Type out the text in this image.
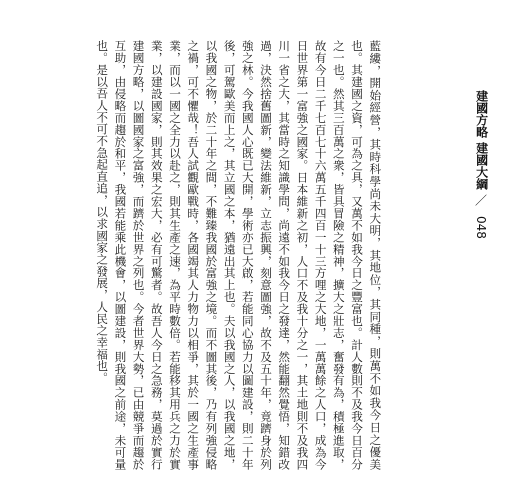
建國方略
建國大綱
／
048

藍縷，開始經營，其時科學尚未大明，其地位，其同種，則萬不如我今日之優美也。其建國之資，可為之具，又萬不如我今日之豐富也。計人數則不及我今日百分之一也。然其三百萬之衆，皆具冒險之精神，擴大之壯志，奮發有為，積極進取，故有今日二千七百七十六萬五千四百一十三方哩之大地，一萬萬餘之人口，成為今日世界第一富強之國家。日本維新之初，人口不及我十分之一，其土地則不及我四川一省之大，其當時之知識學問，尚遠不如我今日之發達，然能翻然覺悟，知錯改過，決然捨舊圖新，變法維新，立志振興，刻意圖強，故不及五十年，竟躋身於列強之林。今我國人心既已大開，學術亦已大啟，若能同心協力以圖建設，則二十年後，可駕歐美而上之，其立國之本，猶遠出其上也。夫以我國之人，以我國之地，以我國之物，於二十年之間，不難臻我國於富強之境。而不圖其後，乃有列強侵略之禍，可不懼哉！吾人試觀歐戰時，各國竭其人力物力以相爭，其於一國之生產事業，而以一國之全力以赴之，則其生產之速，為平時數倍。若能移其用兵之力於實業，以建設國家，則其效果之宏大，必有可驚者。故吾人今日之急務，莫過於實行建國方略，以圖國家之富強，而躋於世界之列也。今者世界大勢，已由競爭而趨於互助，由侵略而趨於和平，我國若能乘此機會，以圖建設，則我國之前途，未可量也。是以吾人不可不急起直追，以求國家之發展，人民之幸福也。
